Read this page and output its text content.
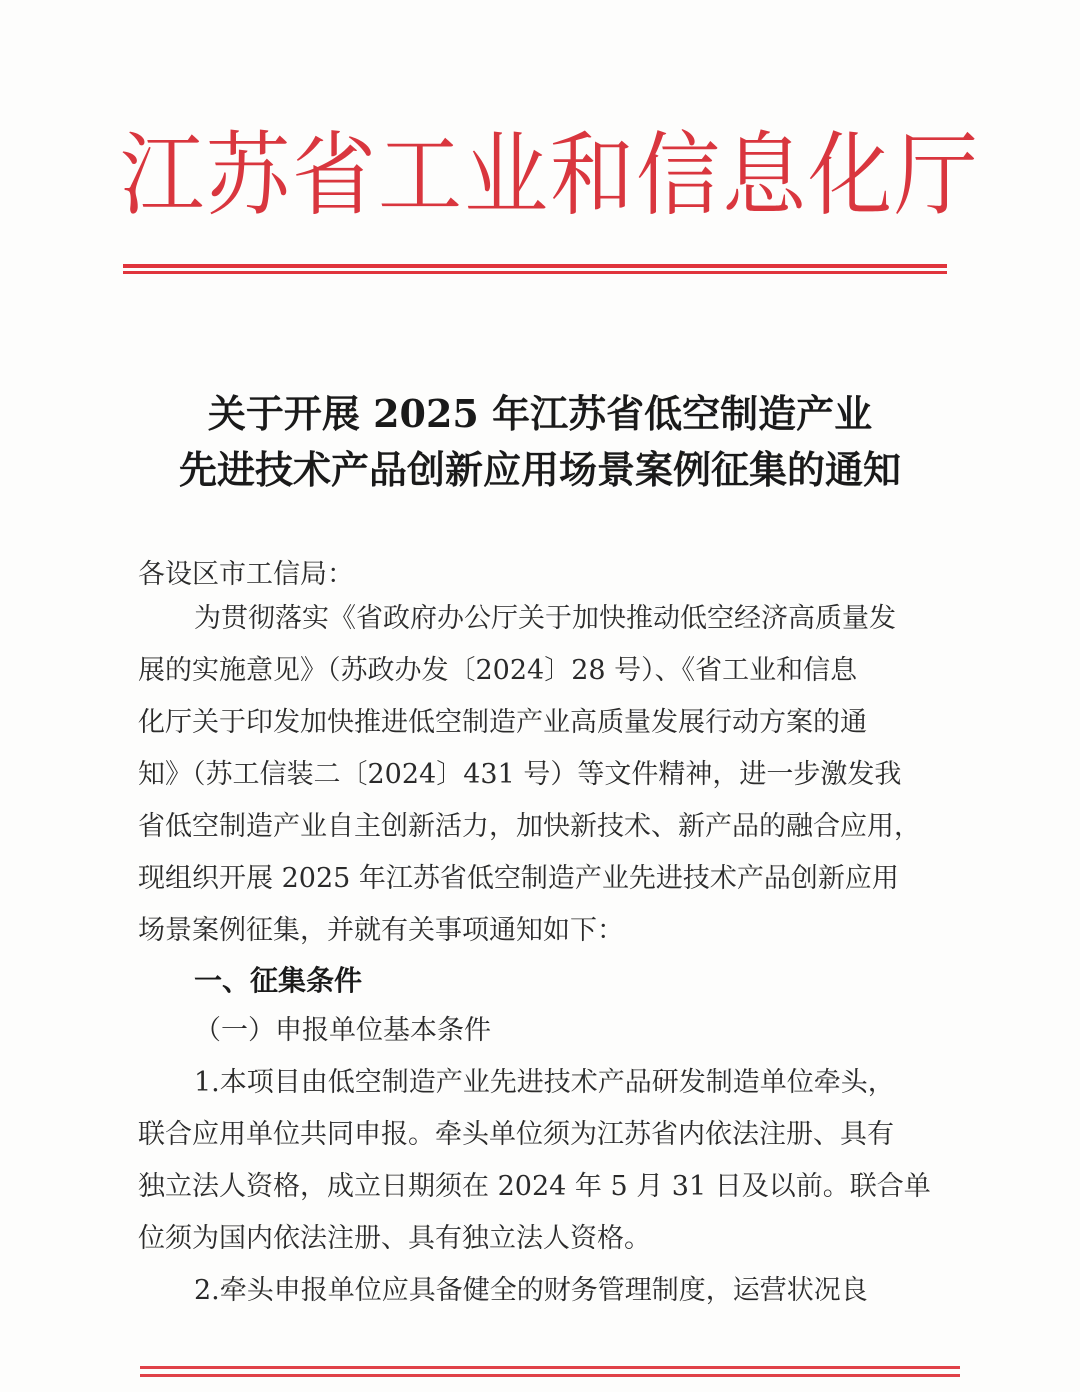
江苏省工业和信息化厅
关于开展 2025 年江苏省低空制造产业
先进技术产品创新应用场景案例征集的通知
各设区市工信局：
为贯彻落实《省政府办公厅关于加快推动低空经济高质量发
展的实施意见》（苏政办发〔2024〕28 号）、《省工业和信息
化厅关于印发加快推进低空制造产业高质量发展行动方案的通
知》（苏工信装二〔2024〕431 号）等文件精神，进一步激发我
省低空制造产业自主创新活力，加快新技术、新产品的融合应用，
现组织开展 2025 年江苏省低空制造产业先进技术产品创新应用
场景案例征集，并就有关事项通知如下：
一、征集条件
（一）申报单位基本条件
1.本项目由低空制造产业先进技术产品研发制造单位牵头，
联合应用单位共同申报。牵头单位须为江苏省内依法注册、具有
独立法人资格，成立日期须在 2024 年 5 月 31 日及以前。联合单
位须为国内依法注册、具有独立法人资格。
2.牵头申报单位应具备健全的财务管理制度，运营状况良
